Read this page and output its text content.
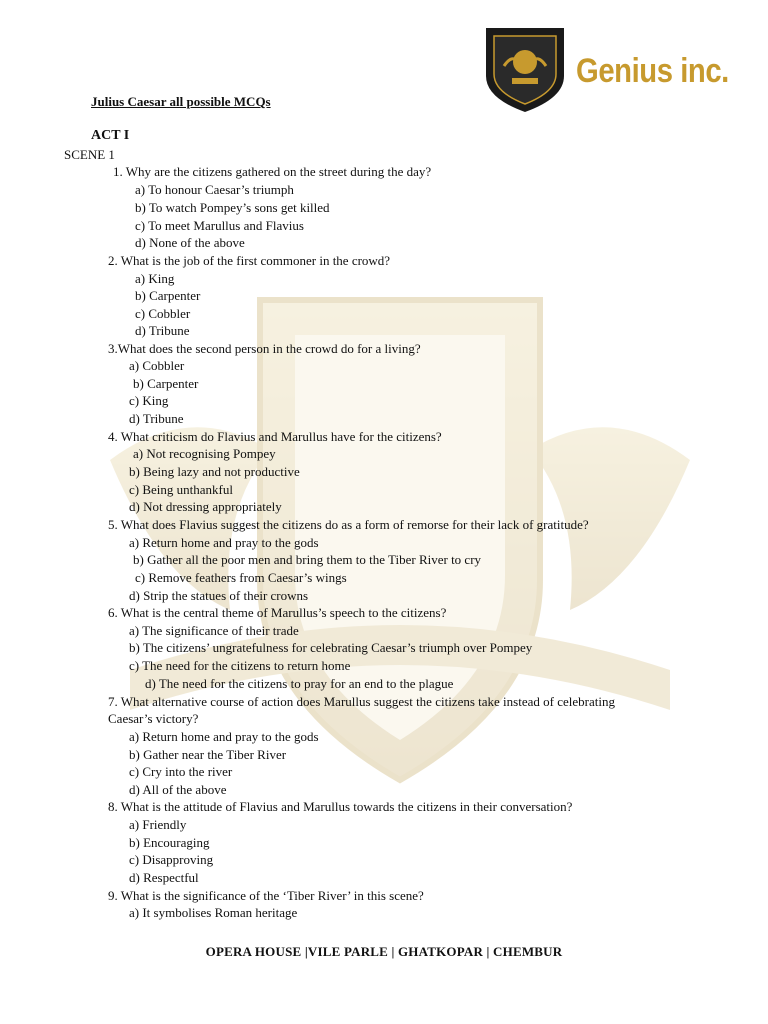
Genius inc.
Julius Caesar all possible MCQs
ACT I
SCENE 1
1. Why are the citizens gathered on the street during the day?
a) To honour Caesar’s triumph
b) To watch Pompey’s sons get killed
c) To meet Marullus and Flavius
d) None of the above
2. What is the job of the first commoner in the crowd?
a) King
b) Carpenter
c) Cobbler
d) Tribune
3.What does the second person in the crowd do for a living?
a) Cobbler
b) Carpenter
c) King
d) Tribune
4. What criticism do Flavius and Marullus have for the citizens?
a) Not recognising Pompey
b) Being lazy and not productive
c) Being unthankful
d) Not dressing appropriately
5. What does Flavius suggest the citizens do as a form of remorse for their lack of gratitude?
a) Return home and pray to the gods
b) Gather all the poor men and bring them to the Tiber River to cry
c) Remove feathers from Caesar’s wings
d) Strip the statues of their crowns
6. What is the central theme of Marullus’s speech to the citizens?
a) The significance of their trade
b) The citizens’ ungratefulness for celebrating Caesar’s triumph over Pompey
c) The need for the citizens to return home
d) The need for the citizens to pray for an end to the plague
7. What alternative course of action does Marullus suggest the citizens take instead of celebrating
Caesar’s victory?
a) Return home and pray to the gods
b) Gather near the Tiber River
c) Cry into the river
d) All of the above
8. What is the attitude of Flavius and Marullus towards the citizens in their conversation?
a) Friendly
b) Encouraging
c) Disapproving
d) Respectful
9. What is the significance of the ‘Tiber River’ in this scene?
a) It symbolises Roman heritage
OPERA HOUSE |VILE PARLE | GHATKOPAR | CHEMBUR
